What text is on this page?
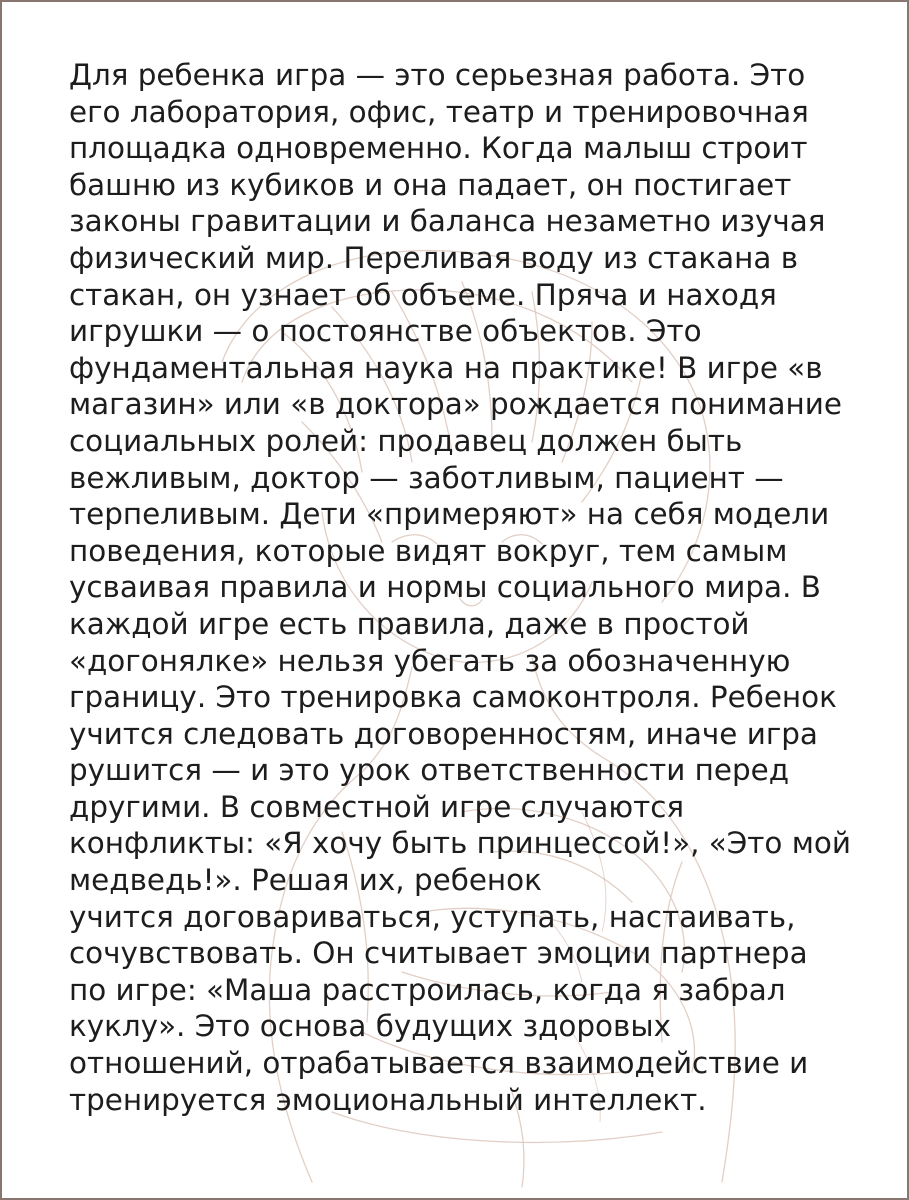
Для ребенка игра — это серьезная работа. Это
его лаборатория, офис, театр и тренировочная
площадка одновременно. Когда малыш строит
башню из кубиков и она падает, он постигает
законы гравитации и баланса незаметно изучая
физический мир. Переливая воду из стакана в
стакан, он узнает об объеме. Пряча и находя
игрушки — о постоянстве объектов. Это
фундаментальная наука на практике! В игре «в
магазин» или «в доктора» рождается понимание
социальных ролей: продавец должен быть
вежливым, доктор — заботливым, пациент —
терпеливым. Дети «примеряют» на себя модели
поведения, которые видят вокруг, тем самым
усваивая правила и нормы социального мира. В
каждой игре есть правила, даже в простой
«догонялке» нельзя убегать за обозначенную
границу. Это тренировка самоконтроля. Ребенок
учится следовать договоренностям, иначе игра
рушится — и это урок ответственности перед
другими. В совместной игре случаются
конфликты: «Я хочу быть принцессой!», «Это мой
медведь!». Решая их, ребенок
учится договариваться, уступать, настаивать,
сочувствовать. Он считывает эмоции партнера
по игре: «Маша расстроилась, когда я забрал
куклу». Это основа будущих здоровых
отношений, отрабатывается взаимодействие и
тренируется эмоциональный интеллект.
